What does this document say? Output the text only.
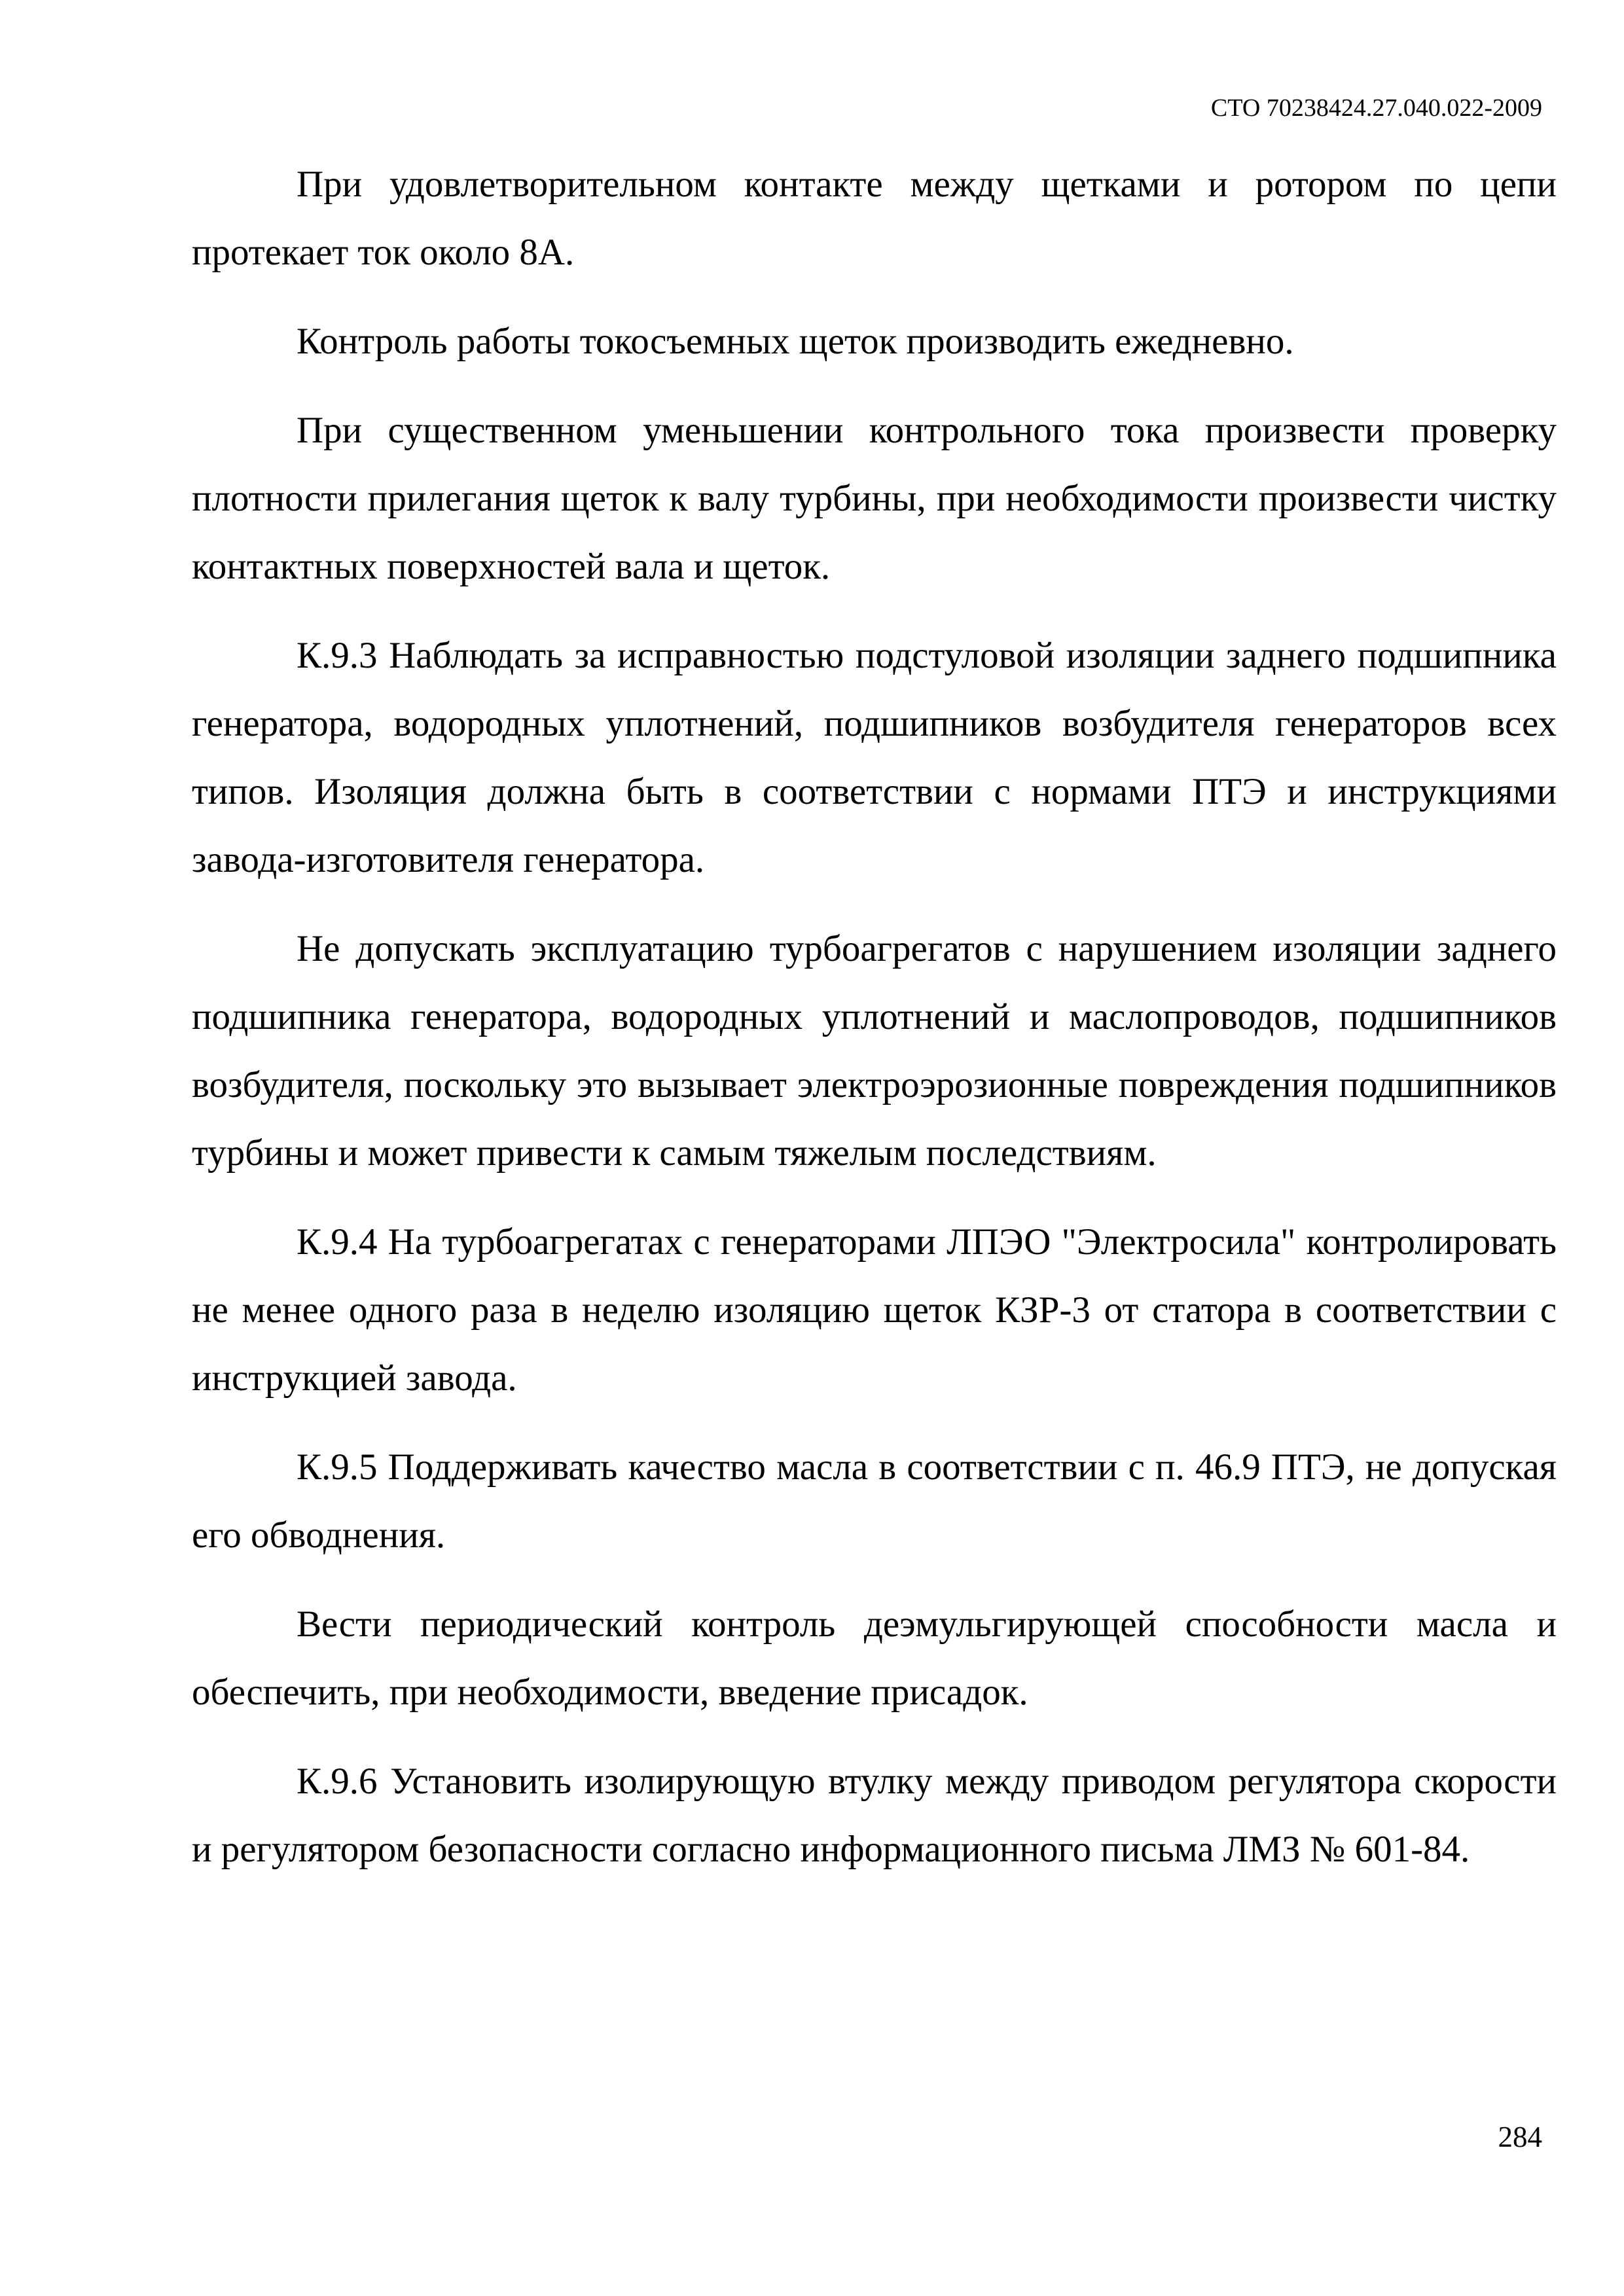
СТО 70238424.27.040.022-2009

При удовлетворительном контакте между щетками и ротором по цепи протекает ток около 8А.

Контроль работы токосъемных щеток производить ежедневно.

При существенном уменьшении контрольного тока произвести проверку плотности прилегания щеток к валу турбины, при необходимости произвести чистку контактных поверхностей вала и щеток.

К.9.3 Наблюдать за исправностью подстуловой изоляции заднего подшипника генератора, водородных уплотнений, подшипников возбудителя генераторов всех типов. Изоляция должна быть в соответствии с нормами ПТЭ и инструкциями завода-изготовителя генератора.

Не допускать эксплуатацию турбоагрегатов с нарушением изоляции заднего подшипника генератора, водородных уплотнений и маслопроводов, подшипников возбудителя, поскольку это вызывает электроэрозионные повреждения подшипников турбины и может привести к самым тяжелым последствиям.

К.9.4 На турбоагрегатах с генераторами ЛПЭО "Электросила" контролировать не менее одного раза в неделю изоляцию щеток КЗР-3 от статора в соответствии с инструкцией завода.

К.9.5 Поддерживать качество масла в соответствии с п. 46.9 ПТЭ, не допуская его обводнения.

Вести периодический контроль деэмульгирующей способности масла и обеспечить, при необходимости, введение присадок.

К.9.6 Установить изолирующую втулку между приводом регулятора скорости и регулятором безопасности согласно информационного письма ЛМЗ № 601-84.

284
